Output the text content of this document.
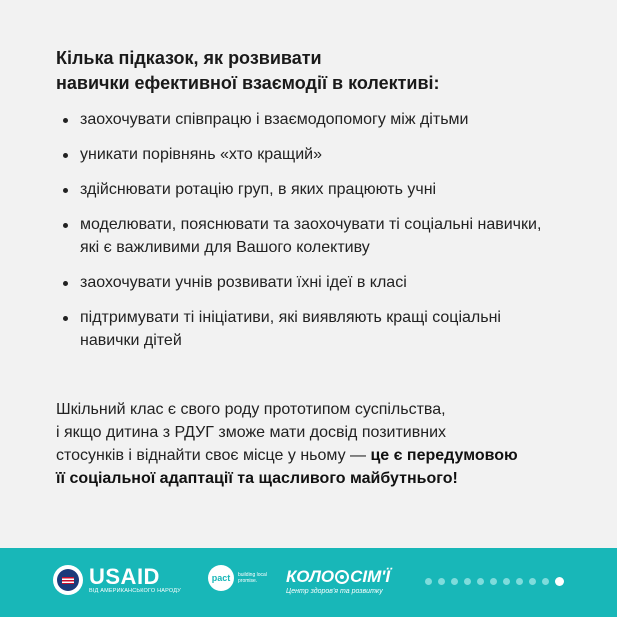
Кілька підказок, як розвивати
навички ефективної взаємодії в колективі:
заохочувати співпрацю і взаємодопомогу між дітьми
уникати порівнянь «хто кращий»
здійснювати ротацію груп, в яких працюють учні
моделювати, пояснювати та заохочувати ті соціальні навички, які є важливими для Вашого колективу
заохочувати учнів розвивати їхні ідеї в класі
підтримувати ті ініціативи, які виявляють кращі соціальні навички дітей
Шкільний клас є свого роду прототипом суспільства,
і якщо дитина з РДУГ зможе мати досвід позитивних
стосунків і віднайти своє місце у ньому — це є передумовою
її соціальної адаптації та щасливого майбутнього!
USAID
ВІД АМЕРИКАНСЬКОГО НАРОДУ
pact	building local promise.	КОЛО СІМ'Ї
Центр здоров'я та розвитку
